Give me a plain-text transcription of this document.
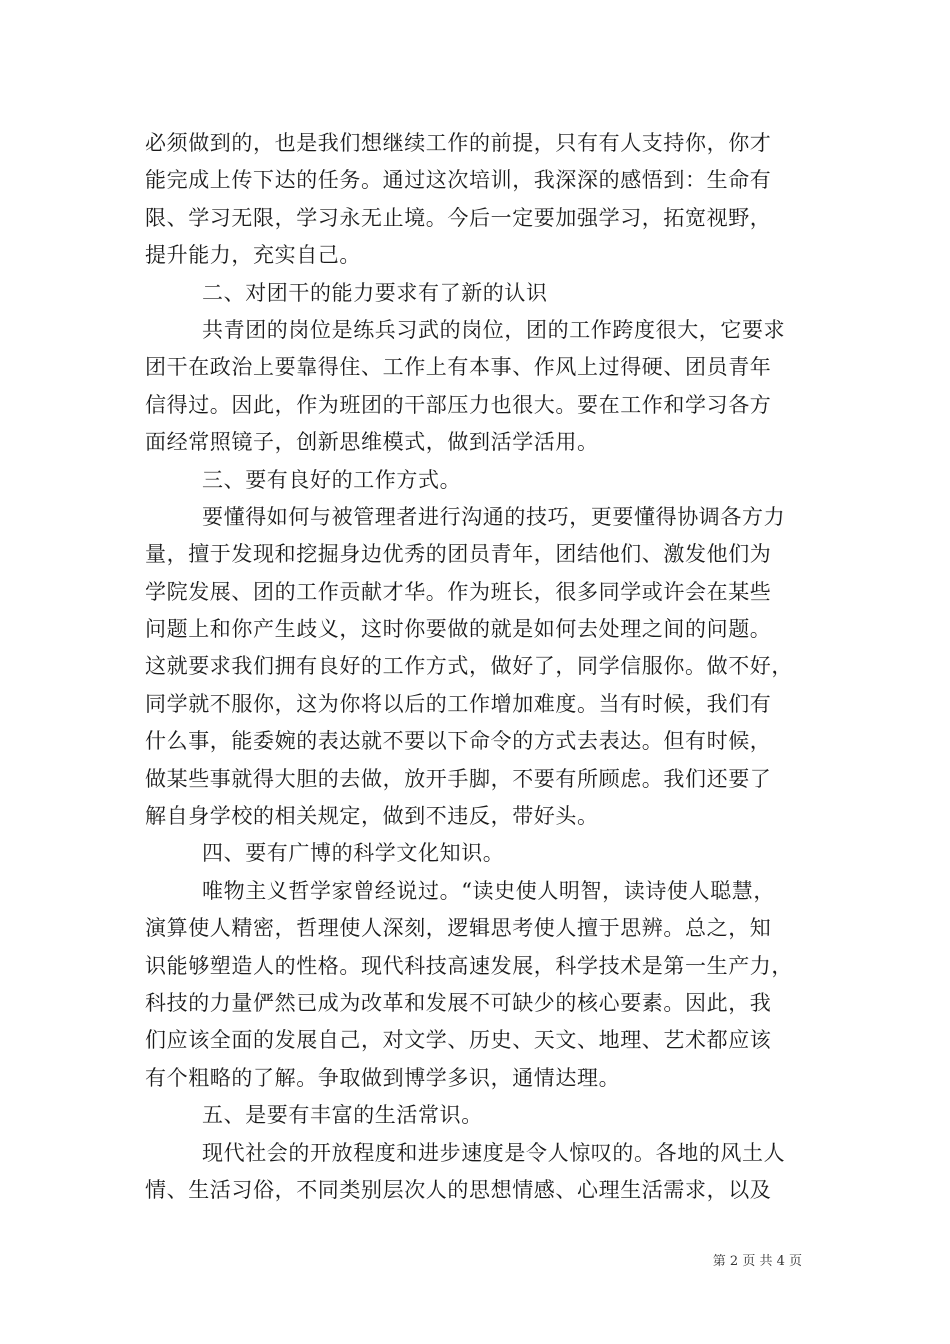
必须做到的，也是我们想继续工作的前提，只有有人支持你，你才
能完成上传下达的任务。通过这次培训，我深深的感悟到：生命有
限、学习无限，学习永无止境。今后一定要加强学习，拓宽视野，
提升能力，充实自己。
二、对团干的能力要求有了新的认识
共青团的岗位是练兵习武的岗位，团的工作跨度很大，它要求
团干在政治上要靠得住、工作上有本事、作风上过得硬、团员青年
信得过。因此，作为班团的干部压力也很大。要在工作和学习各方
面经常照镜子，创新思维模式，做到活学活用。
三、要有良好的工作方式。
要懂得如何与被管理者进行沟通的技巧，更要懂得协调各方力
量，擅于发现和挖掘身边优秀的团员青年，团结他们、激发他们为
学院发展、团的工作贡献才华。作为班长，很多同学或许会在某些
问题上和你产生歧义，这时你要做的就是如何去处理之间的问题。
这就要求我们拥有良好的工作方式，做好了，同学信服你。做不好，
同学就不服你，这为你将以后的工作增加难度。当有时候，我们有
什么事，能委婉的表达就不要以下命令的方式去表达。但有时候，
做某些事就得大胆的去做，放开手脚，不要有所顾虑。我们还要了
解自身学校的相关规定，做到不违反，带好头。
四、要有广博的科学文化知识。
唯物主义哲学家曾经说过。“读史使人明智，读诗使人聪慧，
演算使人精密，哲理使人深刻，逻辑思考使人擅于思辨。总之，知
识能够塑造人的性格。现代科技高速发展，科学技术是第一生产力，
科技的力量俨然已成为改革和发展不可缺少的核心要素。因此，我
们应该全面的发展自己，对文学、历史、天文、地理、艺术都应该
有个粗略的了解。争取做到博学多识，通情达理。
五、是要有丰富的生活常识。
现代社会的开放程度和进步速度是令人惊叹的。各地的风土人
情、生活习俗，不同类别层次人的思想情感、心理生活需求，以及
第 2 页 共 4 页
